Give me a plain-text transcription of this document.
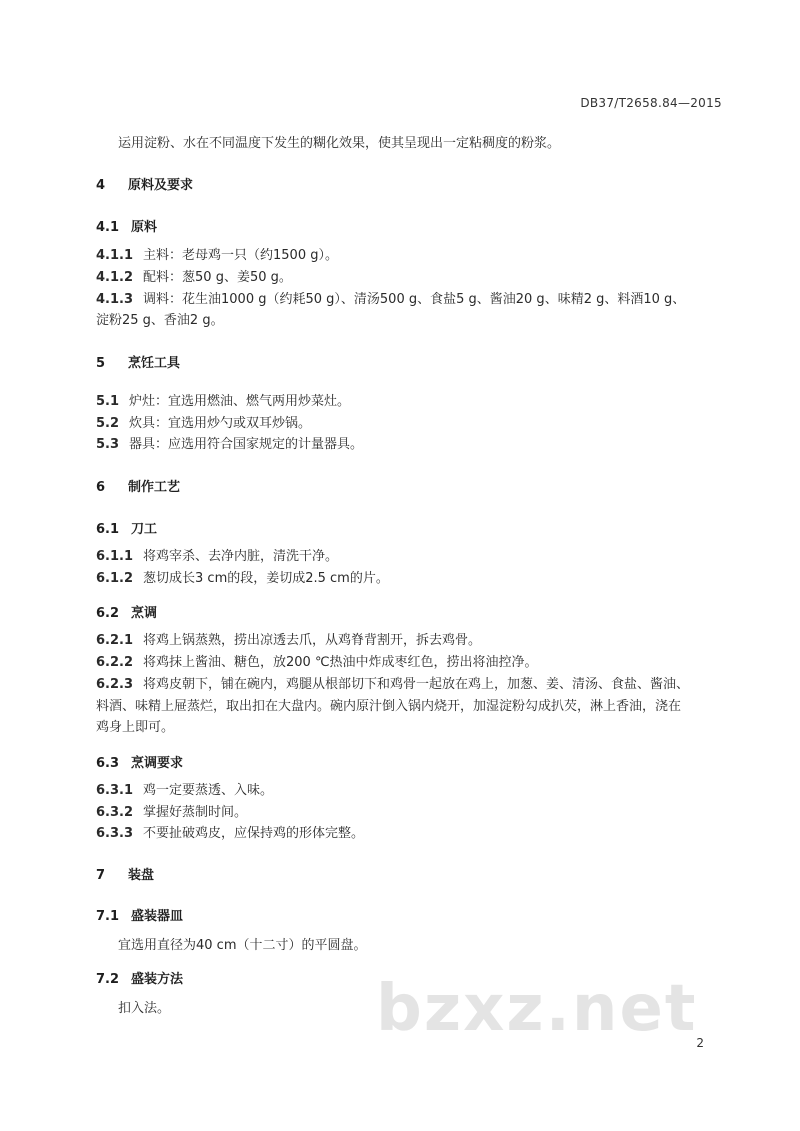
DB37/T2658.84—2015
运用淀粉、水在不同温度下发生的糊化效果，使其呈现出一定粘稠度的粉浆。
4 原料及要求
4.1 原料
4.1.1 主料：老母鸡一只（约1500 g）。
4.1.2 配料：葱50 g、姜50 g。
4.1.3 调料：花生油1000 g（约耗50 g）、清汤500 g、食盐5 g、酱油20 g、味精2 g、料酒10 g、
淀粉25 g、香油2 g。
5 烹饪工具
5.1 炉灶：宜选用燃油、燃气两用炒菜灶。
5.2 炊具：宜选用炒勺或双耳炒锅。
5.3 器具：应选用符合国家规定的计量器具。
6 制作工艺
6.1 刀工
6.1.1 将鸡宰杀、去净内脏，清洗干净。
6.1.2 葱切成长3 cm的段，姜切成2.5 cm的片。
6.2 烹调
6.2.1 将鸡上锅蒸熟，捞出凉透去爪，从鸡脊背割开，拆去鸡骨。
6.2.2 将鸡抹上酱油、糖色，放200 ℃热油中炸成枣红色，捞出将油控净。
6.2.3 将鸡皮朝下，铺在碗内，鸡腿从根部切下和鸡骨一起放在鸡上，加葱、姜、清汤、食盐、酱油、
料酒、味精上屉蒸烂，取出扣在大盘内。碗内原汁倒入锅内烧开，加湿淀粉勾成扒芡，淋上香油，浇在
鸡身上即可。
6.3 烹调要求
6.3.1 鸡一定要蒸透、入味。
6.3.2 掌握好蒸制时间。
6.3.3 不要扯破鸡皮，应保持鸡的形体完整。
7 装盘
7.1 盛装器皿
宜选用直径为40 cm（十二寸）的平圆盘。
7.2 盛装方法
扣入法。	bzxz.net
2
